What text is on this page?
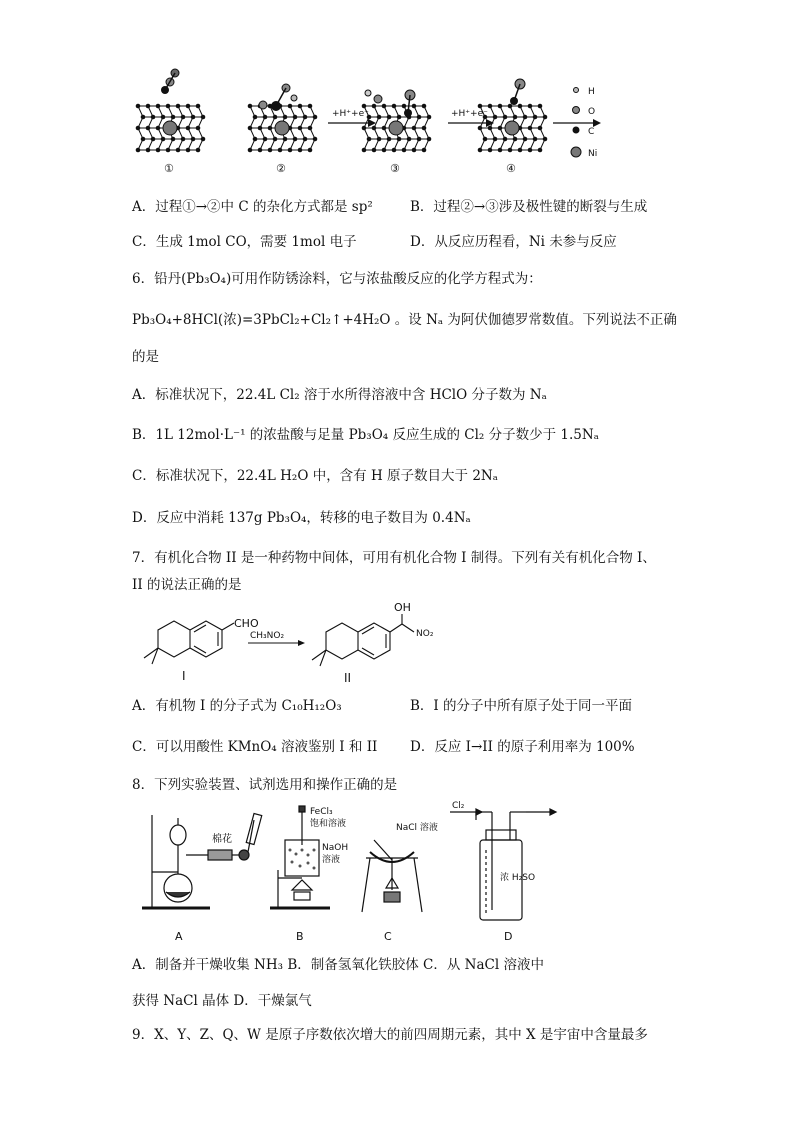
+H⁺+e⁻	+H⁺+e⁻
①	②	③	④
H
O
C
Ni
A．过程①→②中 C 的杂化方式都是 sp²	B．过程②→③涉及极性键的断裂与生成
C．生成 1mol CO，需要 1mol 电子	D．从反应历程看，Ni 未参与反应
6．铅丹(Pb₃O₄)可用作防锈涂料，它与浓盐酸反应的化学方程式为：
Pb₃O₄+8HCl(浓)=3PbCl₂+Cl₂↑+4H₂O 。设 Nₐ 为阿伏伽德罗常数值。下列说法不正确
的是
A．标准状况下，22.4L Cl₂ 溶于水所得溶液中含 HClO 分子数为 Nₐ
B．1L 12mol·L⁻¹ 的浓盐酸与足量 Pb₃O₄ 反应生成的 Cl₂ 分子数少于 1.5Nₐ
C．标准状况下，22.4L H₂O 中，含有 H 原子数目大于 2Nₐ
D．反应中消耗 137g Pb₃O₄，转移的电子数目为 0.4Nₐ
7．有机化合物 II 是一种药物中间体，可用有机化合物 I 制得。下列有关有机化合物 I、
II 的说法正确的是
CHO
I
CH₃NO₂
OH
NO₂
II
A．有机物 I 的分子式为 C₁₀H₁₂O₃	B．I 的分子中所有原子处于同一平面
C．可以用酸性 KMnO₄ 溶液鉴别 I 和 II D．反应 I→II 的原子利用率为 100%
8．下列实验装置、试剂选用和操作正确的是
棉花
A
FeCl₃
饱和溶液
NaOH
溶液
B
NaCl 溶液
C
Cl₂
浓 H₂SO
D
A．制备并干燥收集 NH₃ B．制备氢氧化铁胶体 C．从 NaCl 溶液中
获得 NaCl 晶体 D．干燥氯气
9．X、Y、Z、Q、W 是原子序数依次增大的前四周期元素，其中 X 是宇宙中含量最多
